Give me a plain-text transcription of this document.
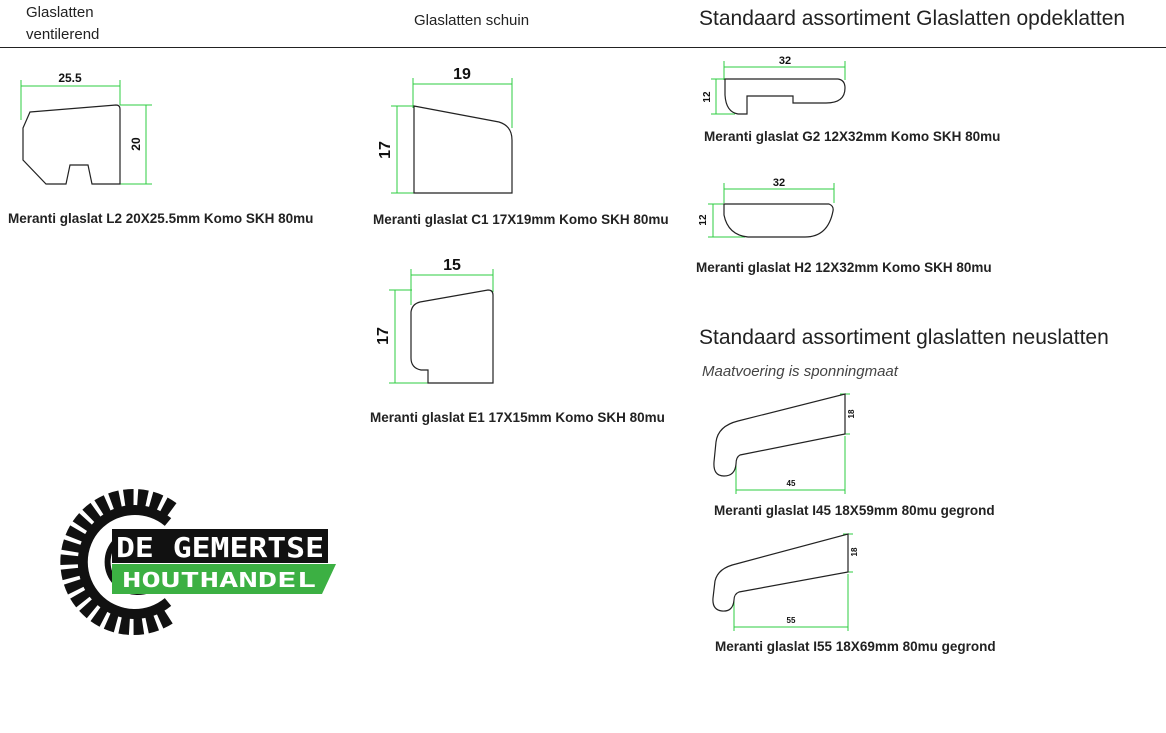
Glaslatten
ventilerend
Glaslatten schuin	Standaard assortiment Glaslatten opdeklatten
25.5
20
Meranti glaslat L2 20X25.5mm Komo SKH 80mu
19
17
Meranti glaslat C1 17X19mm Komo SKH 80mu
15
17
Meranti glaslat E1 17X15mm Komo SKH 80mu
32
12
Meranti glaslat G2 12X32mm Komo SKH 80mu
32
12
Meranti glaslat H2 12X32mm Komo SKH 80mu
Standaard assortiment glaslatten neuslatten
Maatvoering is sponningmaat
18
45
Meranti glaslat I45 18X59mm 80mu gegrond
18
55
Meranti glaslat I55 18X69mm 80mu gegrond
DE GEMERTSE
HOUTHANDEL
